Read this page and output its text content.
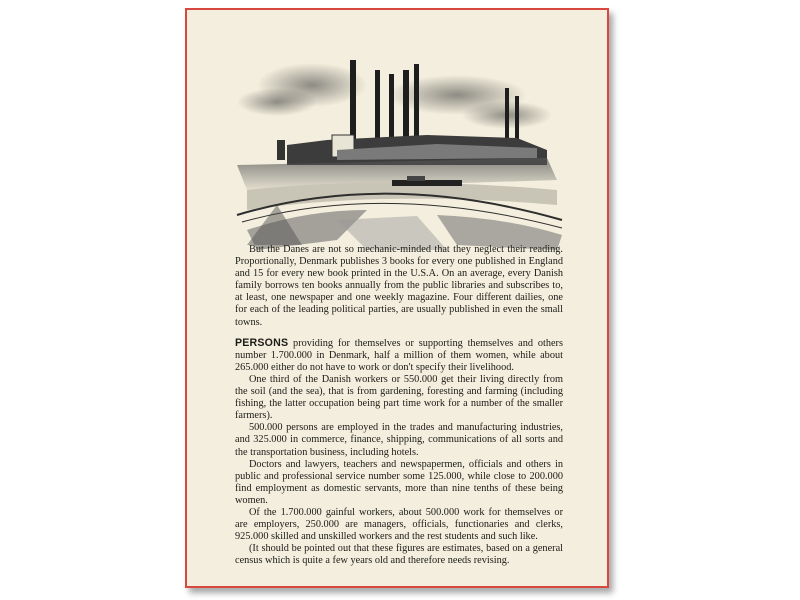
But the Danes are not so mechanic-minded that they neglect their reading. Proportionally, Denmark publishes 3 books for every one published in England and 15 for every new book printed in the U.S.A. On an average, every Danish family borrows ten books annually from the public libraries and subscribes to, at least, one newspaper and one weekly magazine. Four different dailies, one for each of the leading political parties, are usually published in even the small towns.

PERSONS providing for themselves or supporting themselves and others number 1.700.000 in Denmark, half a million of them women, while about 265.000 either do not have to work or don't specify their livelihood.

One third of the Danish workers or 550.000 get their living directly from the soil (and the sea), that is from gardening, foresting and farming (including fishing, the latter occupation being part time work for a number of the smaller farmers).

500.000 persons are employed in the trades and manufacturing industries, and 325.000 in commerce, finance, shipping, communications of all sorts and the transportation business, including hotels.

Doctors and lawyers, teachers and newspapermen, officials and others in public and professional service number some 125.000, while close to 200.000 find employment as domestic servants, more than nine tenths of these being women.

Of the 1.700.000 gainful workers, about 500.000 work for themselves or are employers, 250.000 are managers, officials, functionaries and clerks, 925.000 skilled and unskilled workers and the rest students and such like.

(It should be pointed out that these figures are estimates, based on a general census which is quite a few years old and therefore needs revising.
